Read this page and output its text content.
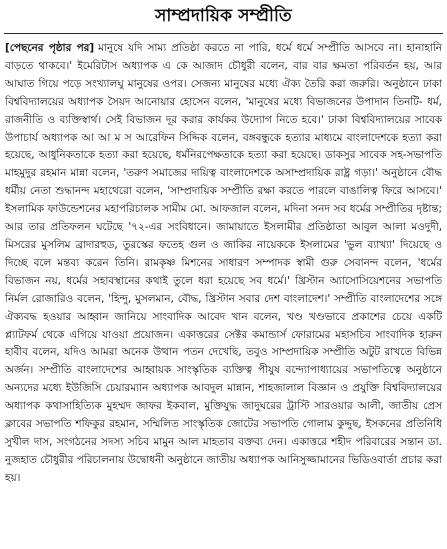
সাম্প্রদায়িক সম্প্রীতি

[পেছনের পৃষ্ঠার পর] মানুষে যদি সাম্য প্রতিষ্ঠা করতে না পারি, ধর্মে ধর্মে সম্প্রীতি আসবে না। হানাহানি বাড়তে থাকবে।' ইমেরিটাস অধ্যাপক এ কে আজাদ চৌধুরী বলেন, বার বার ক্ষমতা পরিবর্তন হয়, আর আঘাত গিয়ে পড়ে সংখ্যালঘু মানুষের ওপর। সেজন্য মানুষের মধ্যে ঐক্য তৈরি করা জরুরি। অনুষ্ঠানে ঢাকা বিশ্ববিদ্যালয়ের অধ্যাপক সৈয়দ আনোয়ার হোসেন বলেন, 'মানুষের মধ্যে বিভাজনের উপাদান তিনটি- ধর্ম, রাজনীতি ও ব্যক্তিস্বার্থ। সেই বিভাজন দূর করার কার্যকর উদ্যোগ নিতে হবে।' ঢাকা বিশ্ববিদ্যালয়ের সাবেক উপাচার্য অধ্যাপক আ আ ম স আরেফিন সিদ্দিক বলেন, বঙ্গবন্ধুকে হত্যার মাধ্যমে বাংলাদেশকে হত্যা করা হয়েছে, আধুনিকতাকে হত্যা করা হয়েছে, ধর্মনিরপেক্ষতাকে হত্যা করা হয়েছে। ডাকসুর সাবেক সহ-সভাপতি মাহমুদুর রহমান মান্না বলেন, 'তরুণ সমাজের দায়িত্ব বাংলাদেশকে অসাম্প্রদায়িক রাষ্ট্র গড়া।' অনুষ্ঠানে বৌদ্ধ ধর্মীয় নেতা শুদ্ধানন্দ মহাথেরো বলেন, 'সাম্প্রদায়িক সম্প্রীতি রক্ষা করতে পারলে বাঙালিত্ব ফিরে আসবে।' ইসলামিক ফাউন্ডেশনের মহাপরিচালক সামীম মো. আফজাল বলেন, মদিনা সনদ সব ধর্মের সম্প্রীতির দৃষ্টান্ত; আর তার প্রতিফলন ঘটেছে '৭২-এর সংবিধানে। জামায়াতে ইসলামীর প্রতিষ্ঠাতা আবুল আলা মওদুদী, মিসরের মুসলিম ব্রাদারহুড, তুরস্কের ফতেহ গুল ও জাকির নায়েককে ইসলামের 'ভুল ব্যাখ্যা' দিয়েছে ও দিচ্ছে বলে মন্তব্য করেন তিনি। রামকৃষ্ণ মিশনের সাধারণ সম্পাদক স্বামী গুরু সেবানন্দ বলেন, 'ধর্মের বিভাজন নয়, ধর্মের সহাবস্থানের কথাই তুলে ধরা হয়েছে সব ধর্মে।' খ্রিস্টান অ্যাসোসিয়েশনের সভাপতি নির্মল রোজারিও বলেন, 'হিন্দু, মুসলমান, বৌদ্ধ, খ্রিস্টান সবার দেশ বাংলাদেশ।' সম্প্রীতি বাংলাদেশের সঙ্গে ঐক্যবদ্ধ হওয়ার আহ্বান জানিয়ে সাংবাদিক আবেদ খান বলেন, খণ্ড খণ্ডভাবে প্রকাশের চেয়ে একটি প্ল্যাটফর্ম থেকে এগিয়ে যাওয়া প্রয়োজন। একাত্তরের সেক্টর কমান্ডার্স ফোরামের মহাসচিব সাংবাদিক হারুন হাবীব বলেন, যদিও আমরা অনেক উত্থান পতন দেখেছি, তবুও সাম্প্রদায়িক সম্প্রীতি অটুট রাখতে বিভিন্ন অর্জন। সম্প্রীতি বাংলাদেশের আহ্বায়ক সাংস্কৃতিক ব্যক্তিত্ব পীযুষ বন্দ্যোপাধ্যায়ের সভাপতিত্বে অনুষ্ঠানে অন্যদের মধ্যে ইউজিসি চেয়ারম্যান অধ্যাপক আবদুল মান্নান, শাহজালাল বিজ্ঞান ও প্রযুক্তি বিশ্ববিদ্যালয়ের অধ্যাপক কথাসাহিত্যিক মুহম্মদ জাফর ইকবাল, মুক্তিযুদ্ধ জাদুঘরের ট্রাস্টি সারওয়ার আলী, জাতীয় প্রেস ক্লাবের সভাপতি শফিকুর রহমান, সম্মিলিত সাংস্কৃতিক জোটের সভাপতি গোলাম কুদ্দুছ, ইসকনের প্রতিনিধি সুখীল দাস, সংগঠনের সদস্য সচিব মামুন আল মাহতাব বক্তব্য দেন। একাত্তরে শহীদ পরিবারের সন্তান ডা. নুজহাত চৌধুরীর পরিচালনায় উদ্বোধনী অনুষ্ঠানে জাতীয় অধ্যাপক আনিসুজ্জামানের ভিডিওবার্তা প্রচার করা হয়।
